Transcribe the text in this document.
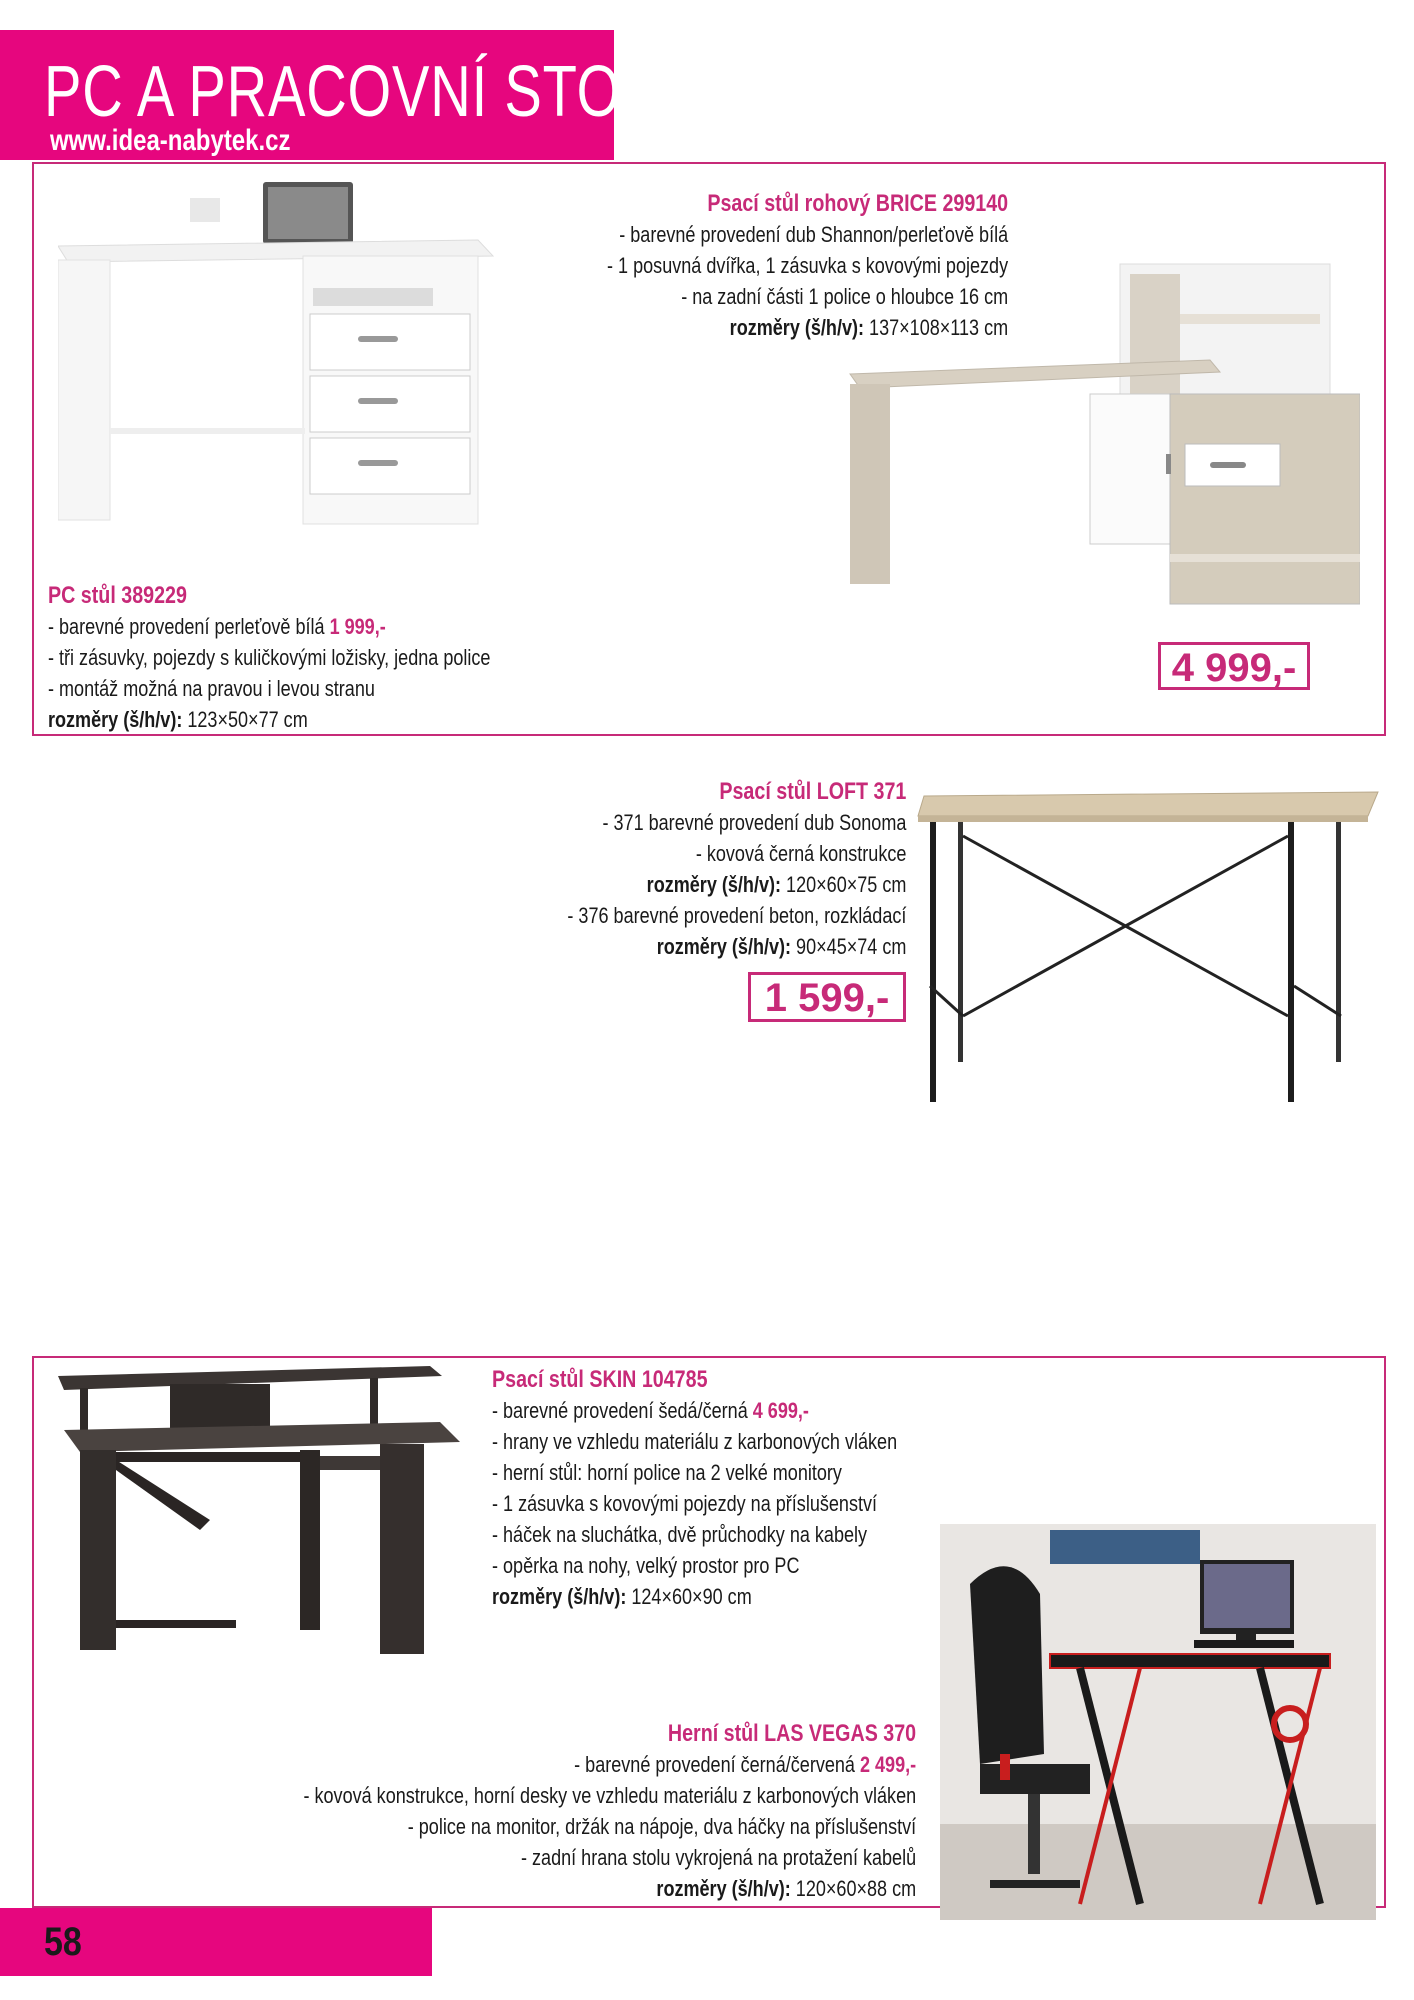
PC A PRACOVNÍ STOLY
www.idea-nabytek.cz
Psací stůl rohový BRICE 299140
- barevné provedení dub Shannon/perleťově bílá
- 1 posuvná dvířka, 1 zásuvka s kovovými pojezdy
- na zadní části 1 police o hloubce 16 cm
rozměry (š/h/v): 137×108×113 cm
PC stůl 389229
- barevné provedení perleťově bílá 1 999,-
- tři zásuvky, pojezdy s kuličkovými ložisky, jedna police
- montáž možná na pravou i levou stranu
rozměry (š/h/v): 123×50×77 cm
4 999,-
Psací stůl LOFT 371
- 371 barevné provedení dub Sonoma
- kovová černá konstrukce
rozměry (š/h/v): 120×60×75 cm
- 376 barevné provedení beton, rozkládací
rozměry (š/h/v): 90×45×74 cm
1 599,-
Psací stůl SKIN 104785
- barevné provedení šedá/černá 4 699,-
- hrany ve vzhledu materiálu z karbonových vláken
- herní stůl: horní police na 2 velké monitory
- 1 zásuvka s kovovými pojezdy na příslušenství
- háček na sluchátka, dvě průchodky na kabely
- opěrka na nohy, velký prostor pro PC
rozměry (š/h/v): 124×60×90 cm
Herní stůl LAS VEGAS 370
- barevné provedení černá/červená 2 499,-
- kovová konstrukce, horní desky ve vzhledu materiálu z karbonových vláken
- police na monitor, držák na nápoje, dva háčky na příslušenství
- zadní hrana stolu vykrojená na protažení kabelů
rozměry (š/h/v): 120×60×88 cm
58
